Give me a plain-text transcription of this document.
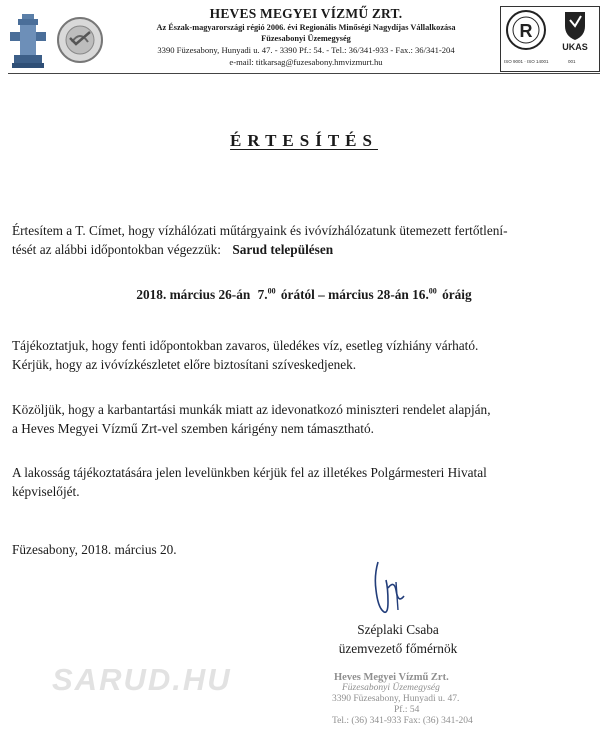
HEVES MEGYEI VÍZMŰ ZRT.
Az Észak-magyarországi régió 2006. évi Regionális Minőségi Nagydíjas Vállalkozása
Füzesabonyi Üzemegység
3390 Füzesabony, Hunyadi u. 47. - 3390 Pf.: 54. - Tel.: 36/341-933 - Fax.: 36/341-204
e-mail: titkarsag@fuzesabony.hmvizmurt.hu
R
UKAS
ISO 9001 · ISO 14001	001
ÉRTESÍTÉS
Értesítem a T. Címet, hogy vízhálózati műtárgyaink és ivóvízhálózatunk ütemezett fertőtlení-
tését az alábbi időpontokban végezzük: Sarud településen
2018. március 26-án 7.00 órától – március 28-án 16.00 óráig
Tájékoztatjuk, hogy fenti időpontokban zavaros, üledékes víz, esetleg vízhiány várható.
Kérjük, hogy az ivóvízkészletet előre biztosítani szíveskedjenek.
Közöljük, hogy a karbantartási munkák miatt az idevonatkozó miniszteri rendelet alapján,
a Heves Megyei Vízmű Zrt-vel szemben kárigény nem támasztható.
A lakosság tájékoztatására jelen levelünkben kérjük fel az illetékes Polgármesteri Hivatal
képviselőjét.
Füzesabony, 2018. március 20.
Széplaki Csaba
üzemvezető főmérnök
SARUD.HU	Heves Megyei Vízmű Zrt.
Füzesabonyi Üzemegység
3390 Füzesabony, Hunyadi u. 47.
Pf.: 54
Tel.: (36) 341-933 Fax: (36) 341-204
